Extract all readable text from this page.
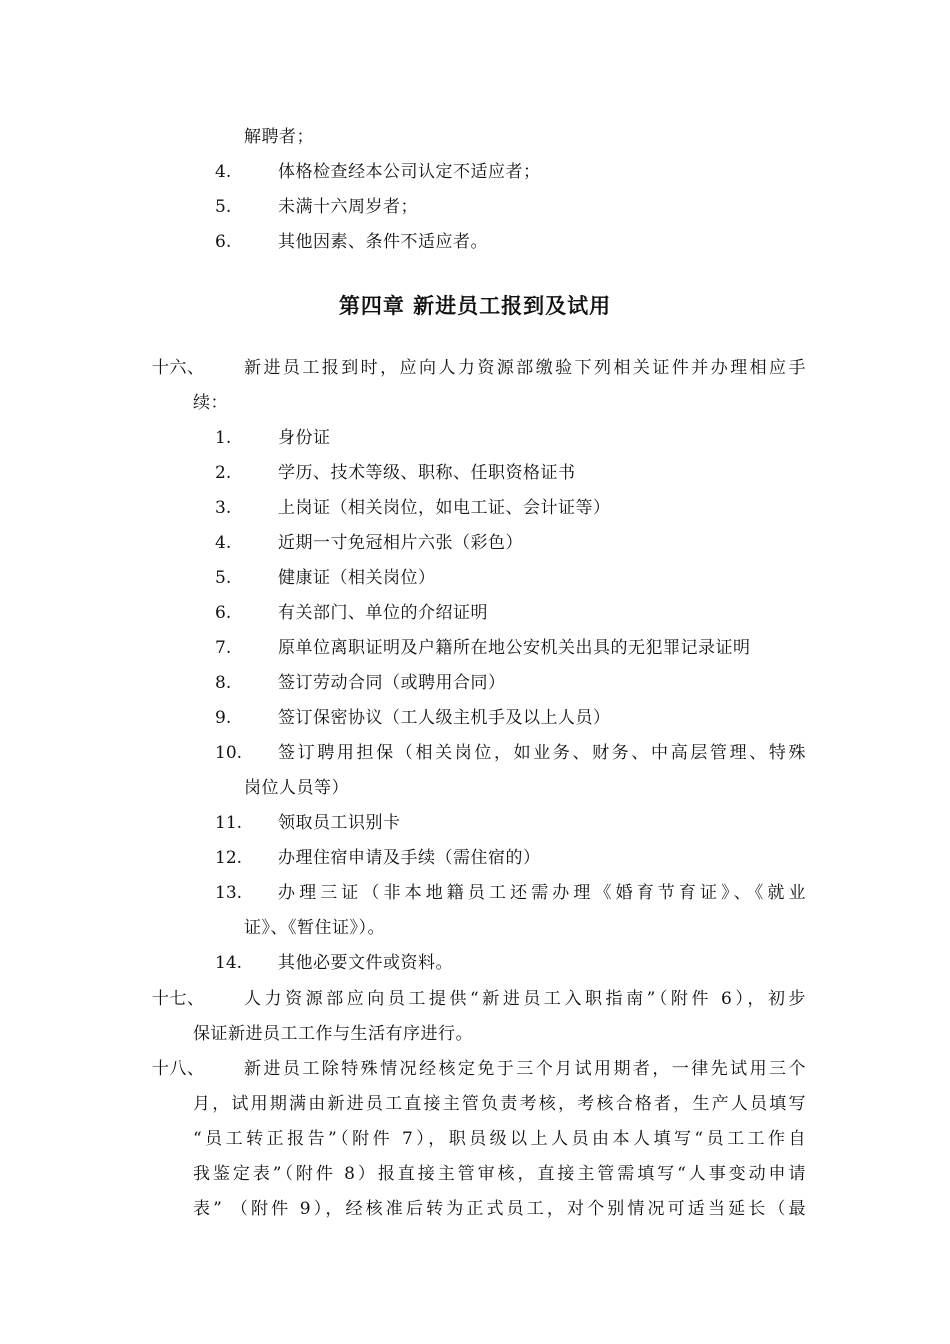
解聘者；
4.	体格检查经本公司认定不适应者；
5.	未满十六周岁者；
6.	其他因素、条件不适应者。
第四章 新进员工报到及试用
十六、 新进员工报到时，应向人力资源部缴验下列相关证件并办理相应手
续：
1.	身份证
2.	学历、技术等级、职称、任职资格证书
3.	上岗证（相关岗位，如电工证、会计证等）
4.	近期一寸免冠相片六张（彩色）
5.	健康证（相关岗位）
6.	有关部门、单位的介绍证明
7.	原单位离职证明及户籍所在地公安机关出具的无犯罪记录证明
8.	签订劳动合同（或聘用合同）
9.	签订保密协议（工人级主机手及以上人员）
10. 签订聘用担保（相关岗位，如业务、财务、中高层管理、特殊
岗位人员等）
11. 领取员工识别卡
12. 办理住宿申请及手续（需住宿的）
13. 办理三证（非本地籍员工还需办理《婚育节育证》、《就业
证》、《暂住证》）。
14. 其他必要文件或资料。
十七、 人力资源部应向员工提供“新进员工入职指南”（附件 6），初步
保证新进员工工作与生活有序进行。
十八、 新进员工除特殊情况经核定免于三个月试用期者，一律先试用三个
月，试用期满由新进员工直接主管负责考核，考核合格者，生产人员填写
“员工转正报告”（附件 7），职员级以上人员由本人填写“员工工作自
我鉴定表”（附件 8）报直接主管审核，直接主管需填写“人事变动申请
表” （附件 9），经核准后转为正式员工，对个别情况可适当延长（最
